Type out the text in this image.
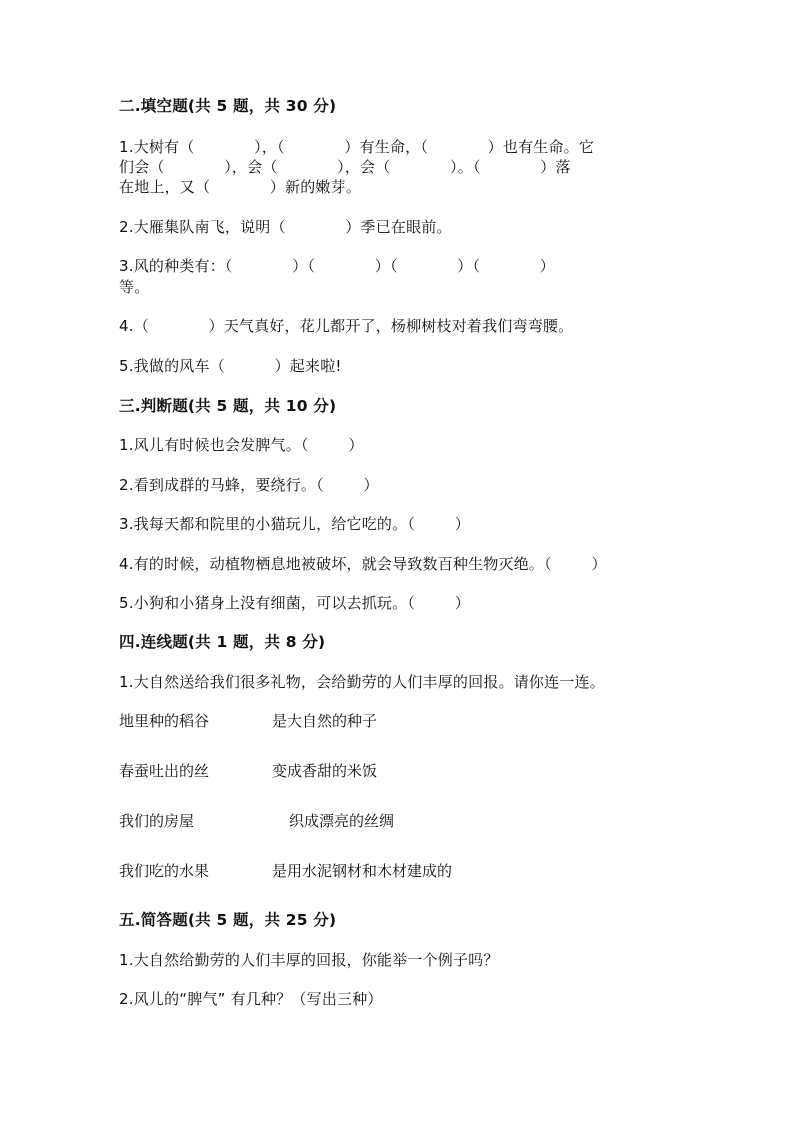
二.填空题(共 5 题，共 30 分)
1.大树有（            ），（            ）有生命，（            ）也有生命。它
们会（            ），会（            ），会（            ）。（            ）落
在地上，又（            ）新的嫩芽。
2.大雁集队南飞，说明（            ）季已在眼前。
3.风的种类有：（            ）（            ）（            ）（            ）
等。
4.（            ）天气真好，花儿都开了，杨柳树枝对着我们弯弯腰。
5.我做的风车（          ）起来啦!
三.判断题(共 5 题，共 10 分)
1.风儿有时候也会发脾气。（        ）
2.看到成群的马蜂，要绕行。（        ）
3.我每天都和院里的小猫玩儿，给它吃的。（        ）
4.有的时候，动植物栖息地被破坏，就会导致数百种生物灭绝。（        ）
5.小狗和小猪身上没有细菌，可以去抓玩。（        ）
四.连线题(共 1 题，共 8 分)
1.大自然送给我们很多礼物，会给勤劳的人们丰厚的回报。请你连一连。
地里种的稻谷	是大自然的种子
春蚕吐出的丝	变成香甜的米饭
我们的房屋	织成漂亮的丝绸
我们吃的水果	是用水泥钢材和木材建成的
五.简答题(共 5 题，共 25 分)
1.大自然给勤劳的人们丰厚的回报，你能举一个例子吗？
2.风儿的“脾气” 有几种？（写出三种）
